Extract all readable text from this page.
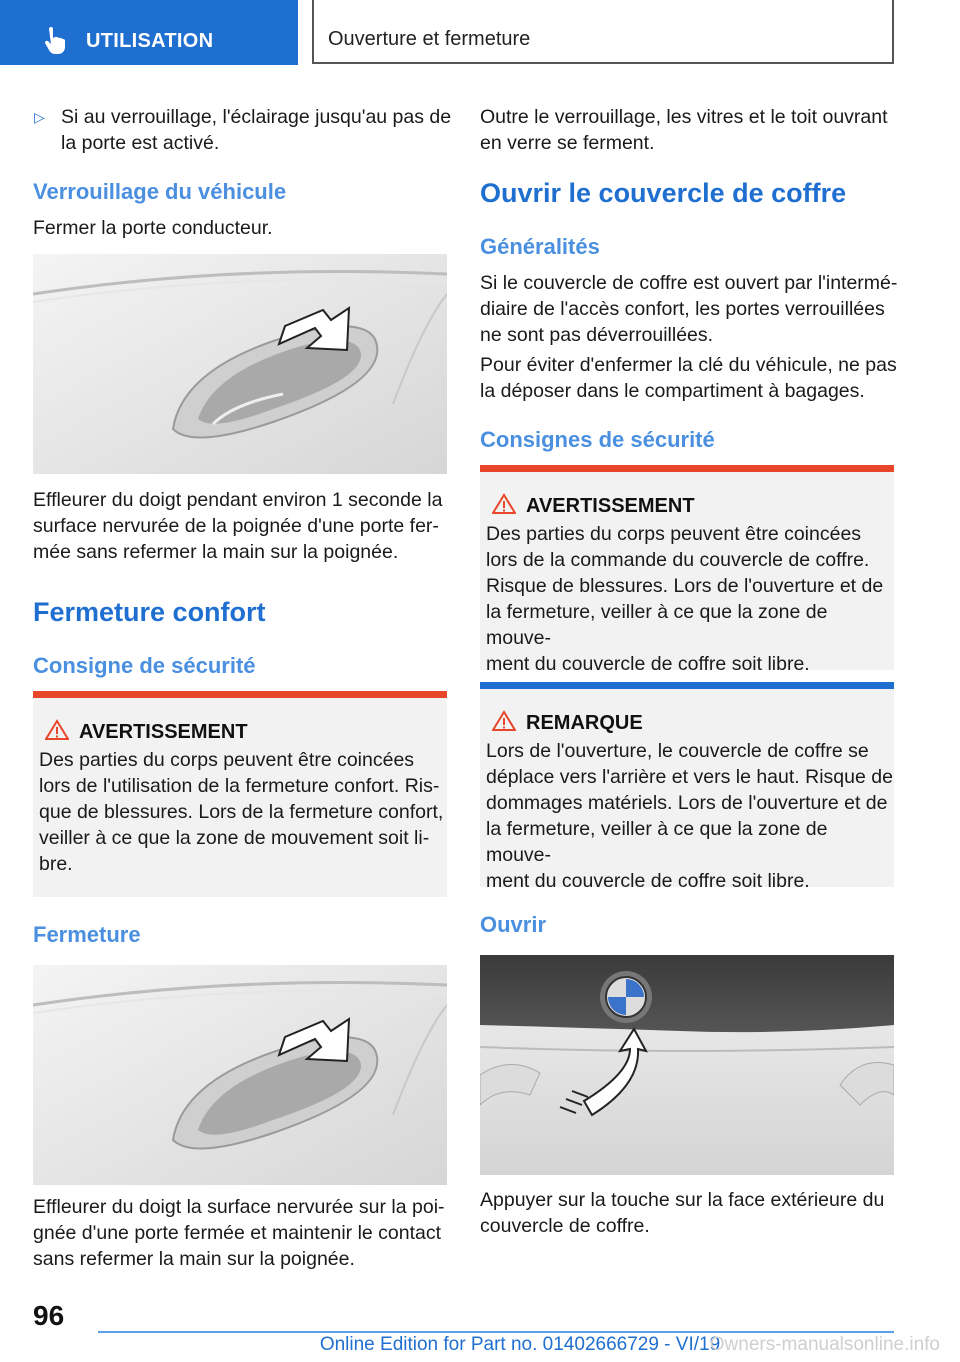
UTILISATION	Ouverture et fermeture
▷ Si au verrouillage, l'éclairage jusqu'au pas de

la porte est activé.

Verrouillage du véhicule

Fermer la porte conducteur.

Effleurer du doigt pendant environ 1 seconde la

surface nervurée de la poignée d'une porte fer‐

mée sans refermer la main sur la poignée.

Fermeture confort
Consigne de sécurité
AVERTISSEMENT
Des parties du corps peuvent être coincées
lors de l'utilisation de la fermeture confort. Ris‐
que de blessures. Lors de la fermeture confort,
veiller à ce que la zone de mouvement soit li‐
bre.
Fermeture

Effleurer du doigt la surface nervurée sur la poi‐

gnée d'une porte fermée et maintenir le contact

sans refermer la main sur la poignée.

Outre le verrouillage, les vitres et le toit ouvrant

en verre se ferment.

Ouvrir le couvercle de coffre
Généralités

Si le couvercle de coffre est ouvert par l'intermé‐

diaire de l'accès confort, les portes verrouillées

ne sont pas déverrouillées.

Pour éviter d'enfermer la clé du véhicule, ne pas

la déposer dans le compartiment à bagages.

Consignes de sécurité
AVERTISSEMENT
Des parties du corps peuvent être coincées
lors de la commande du couvercle de coffre.
Risque de blessures. Lors de l'ouverture et de
la fermeture, veiller à ce que la zone de mouve‐
ment du couvercle de coffre soit libre.
REMARQUE
Lors de l'ouverture, le couvercle de coffre se
déplace vers l'arrière et vers le haut. Risque de
dommages matériels. Lors de l'ouverture et de
la fermeture, veiller à ce que la zone de mouve‐
ment du couvercle de coffre soit libre.
Ouvrir

Appuyer sur la touche sur la face extérieure du

couvercle de coffre.

96
Online Edition for Part no. 01402666729 - VI/19
Owners-manualsonline.info
